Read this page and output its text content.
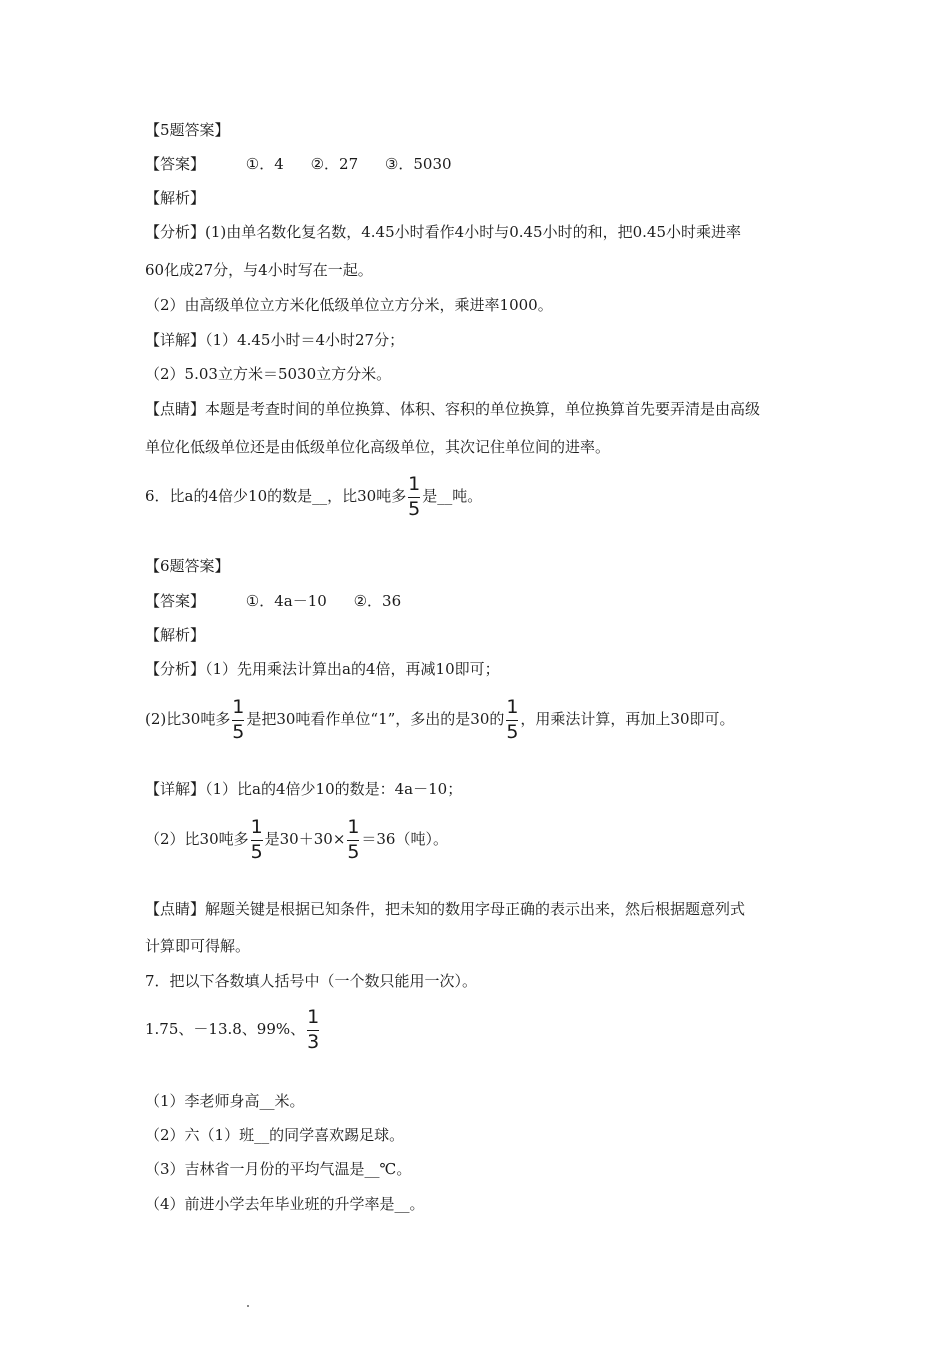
【5题答案】
【答案】	①．4 ②．27 ③．5030
【解析】
【分析】(1)由单名数化复名数，4.45小时看作4小时与0.45小时的和，把0.45小时乘进率
60化成27分，与4小时写在一起。
（2）由高级单位立方米化低级单位立方分米，乘进率1000。
【详解】（1）4.45小时＝4小时27分；
（2）5.03立方米＝5030立方分米。
【点睛】本题是考查时间的单位换算、体积、容积的单位换算，单位换算首先要弄清是由高级
单位化低级单位还是由低级单位化高级单位，其次记住单位间的进率。
6．比a的4倍少10的数是__，比30吨多 $\frac{1}{5}$ 是__吨。
【6题答案】
【答案】	①．4a－10 ②．36
【解析】
【分析】（1）先用乘法计算出a的4倍，再减10即可；
(2)比30吨多 $\frac{1}{5}$ 是把30吨看作单位“1”，多出的是30的 $\frac{1}{5}$ ，用乘法计算，再加上30即可。
【详解】（1）比a的4倍少10的数是：4a－10；
（2）比30吨多 $\frac{1}{5}$ 是$30+30\times \frac{1}{5} =36$（吨）。
【点睛】解题关键是根据已知条件，把未知的数用字母正确的表示出来，然后根据题意列式
计算即可得解。
7．把以下各数填人括号中（一个数只能用一次）。
1.75、－13.8、99%、 $\frac{1}{3}$
（1）李老师身高__米。
（2）六（1）班__的同学喜欢踢足球。
（3）吉林省一月份的平均气温是__℃。
（4）前进小学去年毕业班的升学率是__。
